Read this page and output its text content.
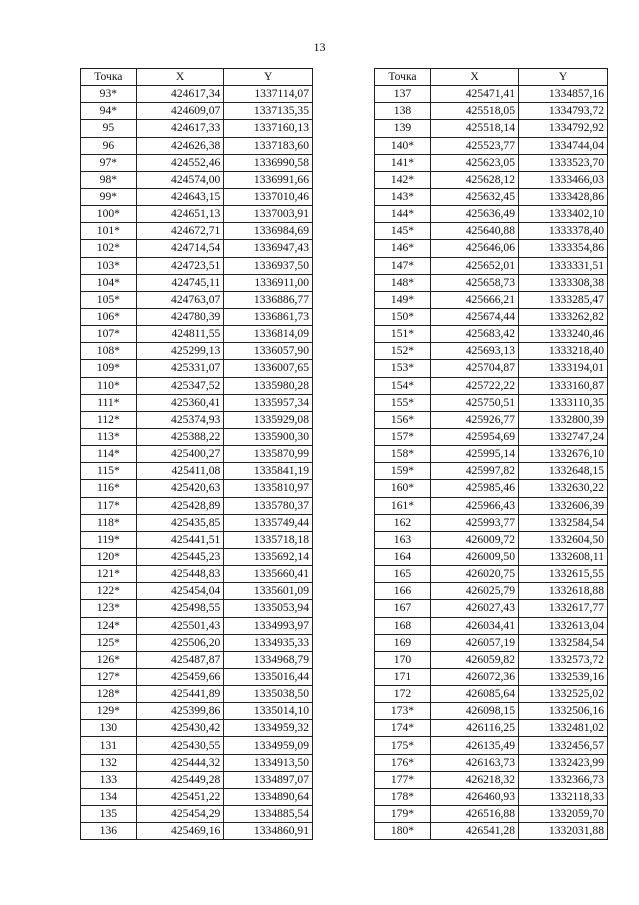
13
Точка	X	Y
93*	424617,34	1337114,07
94*	424609,07	1337135,35
95	424617,33	1337160,13
96	424626,38	1337183,60
97*	424552,46	1336990,58
98*	424574,00	1336991,66
99*	424643,15	1337010,46
100*	424651,13	1337003,91
101*	424672,71	1336984,69
102*	424714,54	1336947,43
103*	424723,51	1336937,50
104*	424745,11	1336911,00
105*	424763,07	1336886,77
106*	424780,39	1336861,73
107*	424811,55	1336814,09
108*	425299,13	1336057,90
109*	425331,07	1336007,65
110*	425347,52	1335980,28
111*	425360,41	1335957,34
112*	425374,93	1335929,08
113*	425388,22	1335900,30
114*	425400,27	1335870,99
115*	425411,08	1335841,19
116*	425420,63	1335810,97
117*	425428,89	1335780,37
118*	425435,85	1335749,44
119*	425441,51	1335718,18
120*	425445,23	1335692,14
121*	425448,83	1335660,41
122*	425454,04	1335601,09
123*	425498,55	1335053,94
124*	425501,43	1334993,97
125*	425506,20	1334935,33
126*	425487,87	1334968,79
127*	425459,66	1335016,44
128*	425441,89	1335038,50
129*	425399,86	1335014,10
130	425430,42	1334959,32
131	425430,55	1334959,09
132	425444,32	1334913,50
133	425449,28	1334897,07
134	425451,22	1334890,64
135	425454,29	1334885,54
136	425469,16	1334860,91
Точка	X	Y
137	425471,41	1334857,16
138	425518,05	1334793,72
139	425518,14	1334792,92
140*	425523,77	1334744,04
141*	425623,05	1333523,70
142*	425628,12	1333466,03
143*	425632,45	1333428,86
144*	425636,49	1333402,10
145*	425640,88	1333378,40
146*	425646,06	1333354,86
147*	425652,01	1333331,51
148*	425658,73	1333308,38
149*	425666,21	1333285,47
150*	425674,44	1333262,82
151*	425683,42	1333240,46
152*	425693,13	1333218,40
153*	425704,87	1333194,01
154*	425722,22	1333160,87
155*	425750,51	1333110,35
156*	425926,77	1332800,39
157*	425954,69	1332747,24
158*	425995,14	1332676,10
159*	425997,82	1332648,15
160*	425985,46	1332630,22
161*	425966,43	1332606,39
162	425993,77	1332584,54
163	426009,72	1332604,50
164	426009,50	1332608,11
165	426020,75	1332615,55
166	426025,79	1332618,88
167	426027,43	1332617,77
168	426034,41	1332613,04
169	426057,19	1332584,54
170	426059,82	1332573,72
171	426072,36	1332539,16
172	426085,64	1332525,02
173*	426098,15	1332506,16
174*	426116,25	1332481,02
175*	426135,49	1332456,57
176*	426163,73	1332423,99
177*	426218,32	1332366,73
178*	426460,93	1332118,33
179*	426516,88	1332059,70
180*	426541,28	1332031,88
